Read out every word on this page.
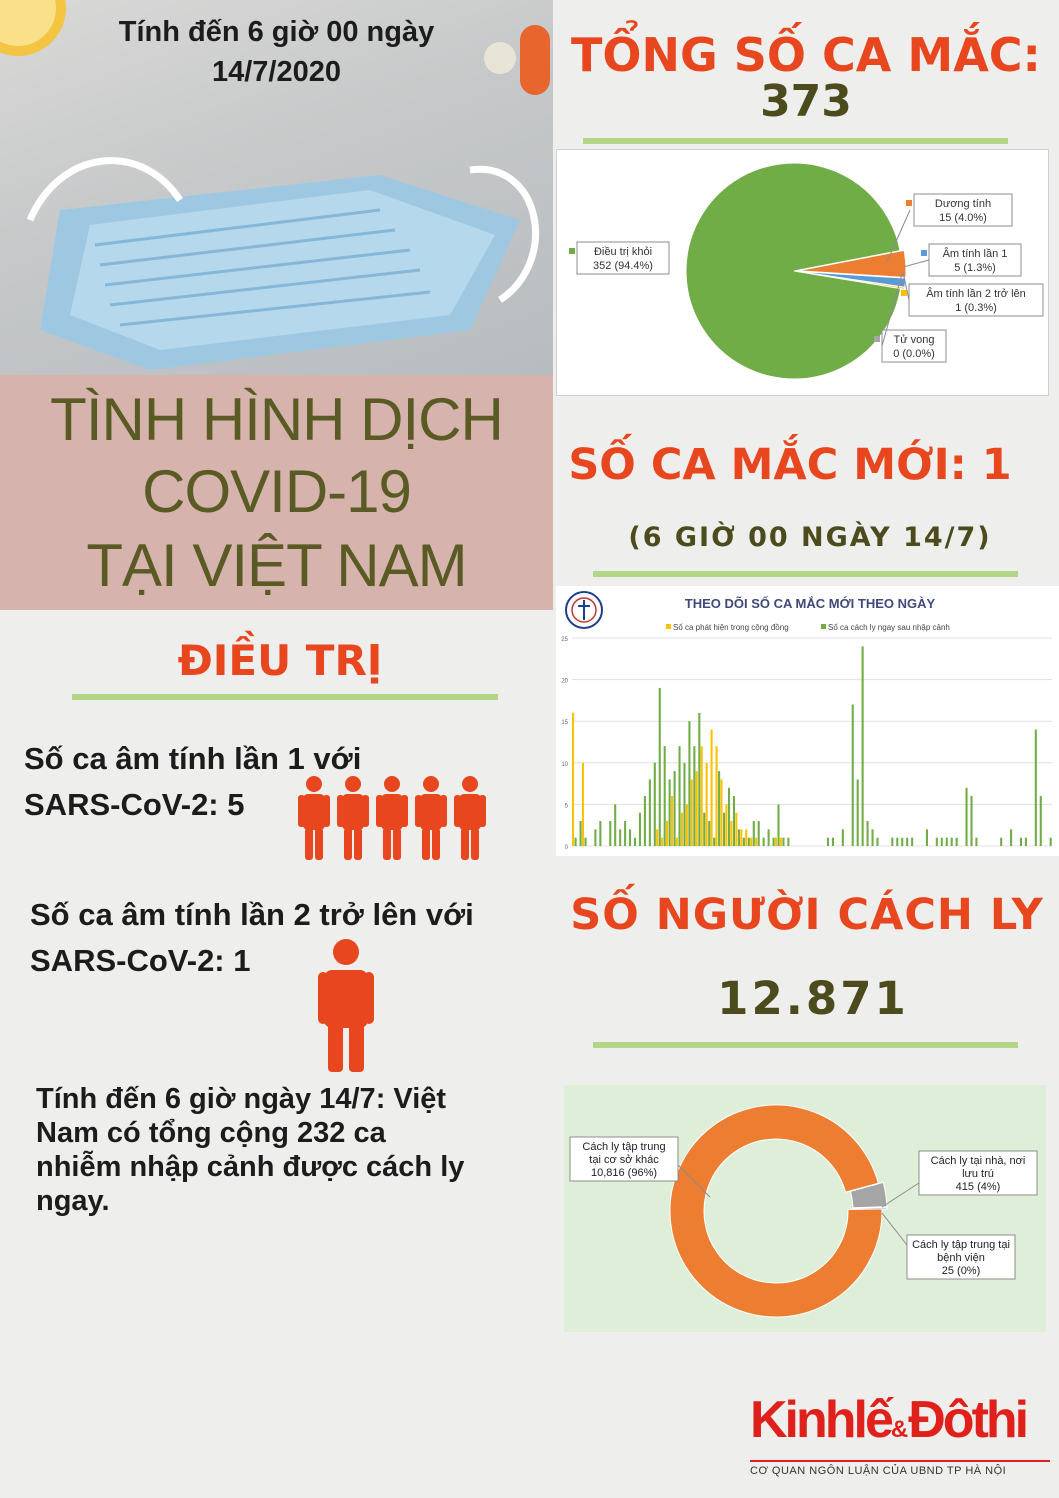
Tính đến 6 giờ 00 ngày
14/7/2020
TÌNH HÌNH DỊCH
COVID-19
TẠI VIỆT NAM
ĐIỀU TRỊ
Số ca âm tính lần 1 với
SARS-CoV-2: 5
Số ca âm tính lần 2 trở lên với
SARS-CoV-2: 1
Tính đến 6 giờ ngày 14/7: Việt
Nam có tổng cộng 232 ca
nhiễm nhập cảnh được cách ly
ngay.
TỔNG SỐ CA MẮC:
373
Điều trị khỏi
352 (94.4%)
Dương tính
15 (4.0%)
Âm tính lần 1
5 (1.3%)
Âm tính lần 2 trở lên
1 (0.3%)
Tử vong
0 (0.0%)
SỐ CA MẮC MỚI: 1
(6 GIỜ 00 NGÀY 14/7)
THEO DÕI SỐ CA MẮC MỚI THEO NGÀY
Số ca phát hiện trong cộng đồng	Số ca cách ly ngay sau nhập cảnh
0
5
10
15
20
25
SỐ NGƯỜI CÁCH LY
12.871
Cách ly tập trung
tại cơ sở khác
10,816 (96%)
Cách ly tại nhà, nơi
lưu trú
415 (4%)
Cách ly tập trung tại
bệnh viện
25 (0%)
Kinhlế&Đôthi
CƠ QUAN NGÔN LUẬN CỦA UBND TP HÀ NỘI
